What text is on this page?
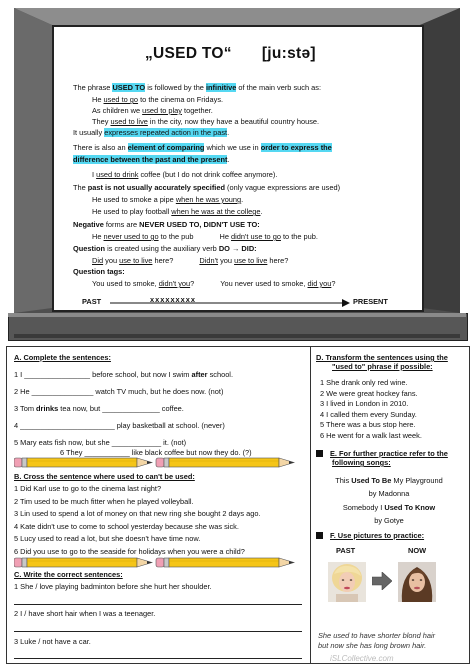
„USED TO“ [ju:stə]
The phrase USED TO is followed by the infinitive of the main verb such as:
He used to go to the cinema on Fridays.
As children we used to play together.
They used to live in the city, now they have a beautiful country house.
It usually expresses repeated action in the past.
There is also an element of comparing which we use in order to express the
difference between the past and the present.
I used to drink coffee (but I do not drink coffee anymore).
The past is not usually accurately specified (only vague expressions are used)
He used to smoke a pipe when he was young.
He used to play football when he was at the college.
Negative forms are NEVER USED TO, DIDN'T USE TO:
He never used to go to the pub	He didn't use to go to the pub.
Question is created using the auxiliary verb DO → DID:
Did you use to live here?	Didn't you use to live here?
Question tags:
You used to smoke, didn't you?	You never used to smoke, did you?
PAST	xxxxxxxxx	PRESENT
A. Complete the sentences:
1 I ________________ before school, but now I swim after school.
2 He _______________ watch TV much, but he does now. (not)
3 Tom drinks tea now, but ______________ coffee.
4 _______________________ play basketball at school. (never)
5 Mary eats fish now, but she ____________ it. (not)
6 They ___________ like black coffee but now they do. (?)
B. Cross the sentence where used to can't be used:
1 Did Karl use to go to the cinema last night?
2 Tim used to be much fitter when he played volleyball.
3 Lin used to spend a lot of money on that new ring she bought 2 days ago.
4 Kate didn't use to come to school yesterday because she was sick.
5 Lucy used to read a lot, but she doesn't have time now.
6 Did you use to go to the seaside for holidays when you were a child?
C. Write the correct sentences:
1 She / love playing badminton before she hurt her shoulder.
2 I / have short hair when I was a teenager.
3 Luke / not have a car.
D. Transform the sentences using the
"used to" phrase if possible:
1 She drank only red wine.
2 We were great hockey fans.
3 I lived in London in 2010.
4 I called them every Sunday.
5 There was a bus stop here.
6 He went for a walk last week.
E. For further practice refer to the
following songs:
This Used To Be My Playground
by Madonna
Somebody I Used To Know
by Gotye
F. Use pictures to practice:
PAST	NOW
She used to have shorter blond hair
but now she has long brown hair.
iSLCollective.com
